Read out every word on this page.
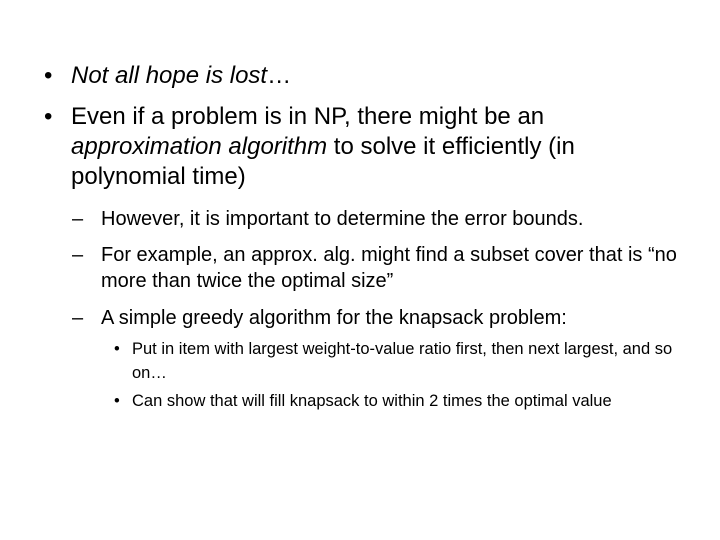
• Not all hope is lost…
• Even if a problem is in NP, there might be an approximation algorithm to solve it efficiently (in polynomial time)
– However, it is important to determine the error bounds.
– For example, an approx. alg. might find a subset cover that is “no more than twice the optimal size”
– A simple greedy algorithm for the knapsack problem:
• Put in item with largest weight-to-value ratio first, then next largest, and so on…
• Can show that will fill knapsack to within 2 times the optimal value
